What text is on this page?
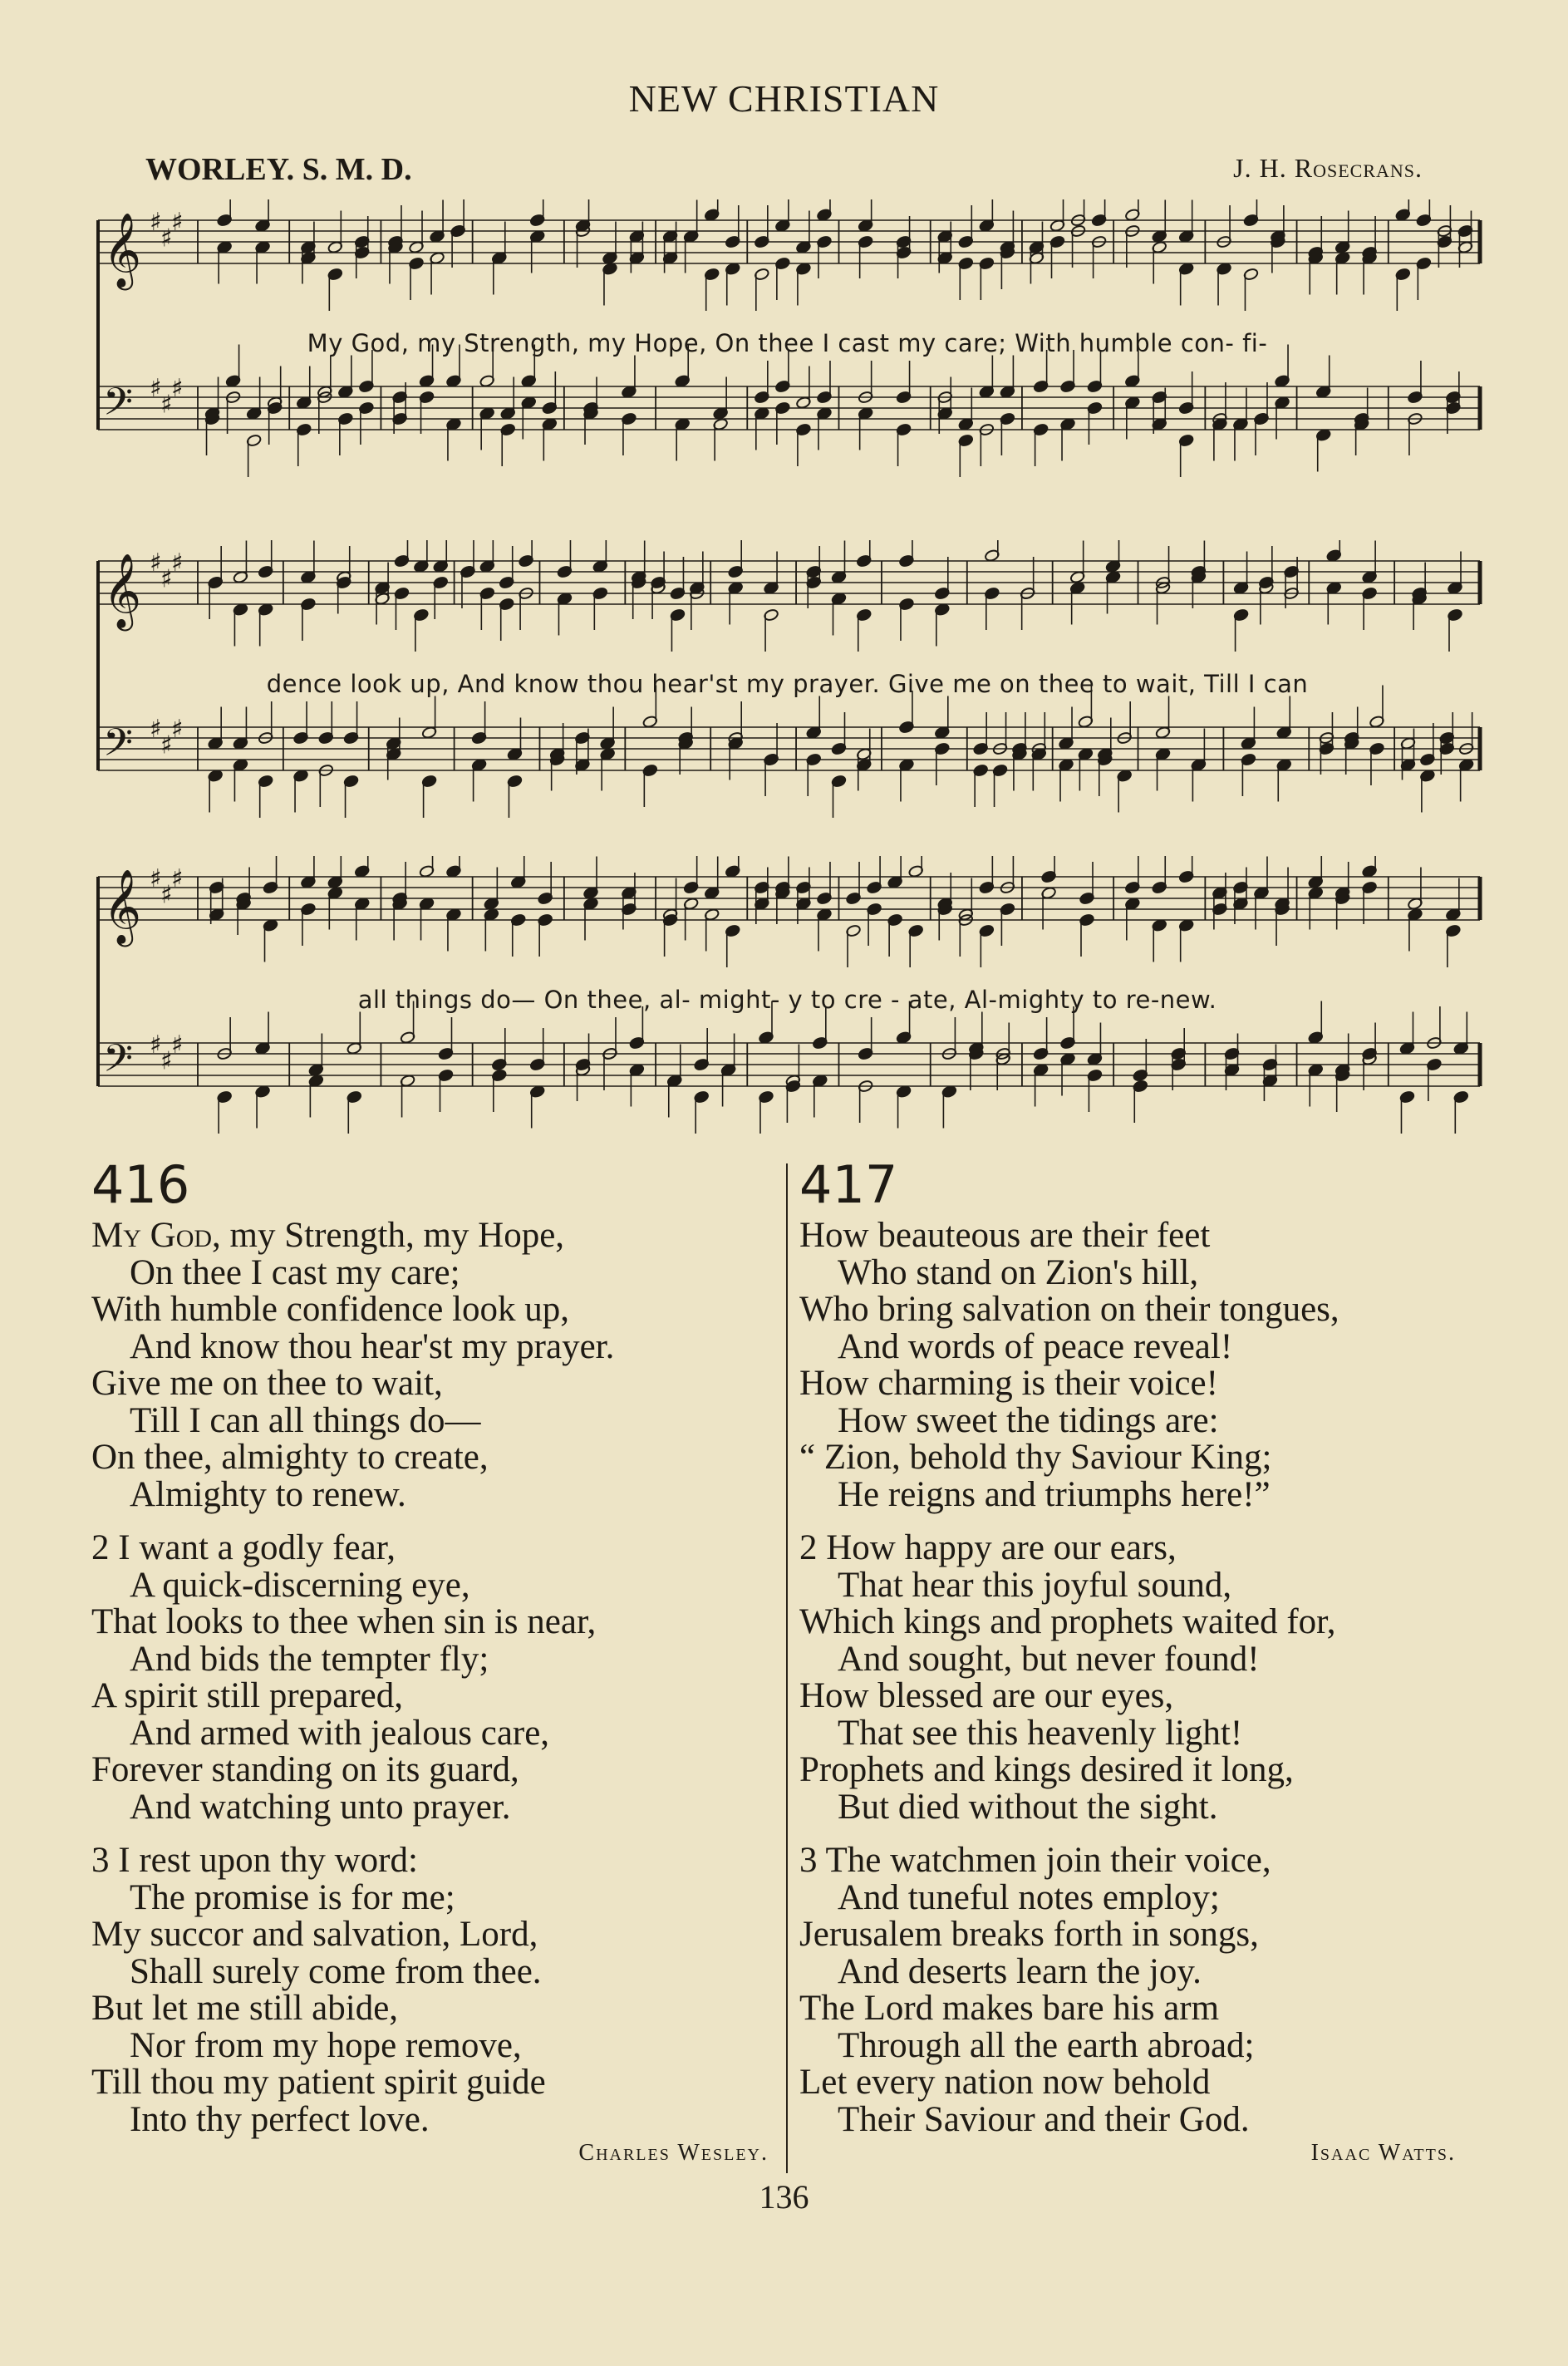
NEW CHRISTIAN
WORLEY. S. M. D.	J. H. Rosecrans.
𝄞 ♯
♯
♯
𝄢 ♯
♯
♯
My God, my Strength, my Hope, On thee I cast my care; With humble con- fi-
𝄞 ♯
♯
♯
𝄢 ♯
♯
♯
dence look up, And know thou hear'st my prayer. Give me on thee to wait, Till I can
𝄞 ♯
♯
♯
𝄢 ♯
♯
♯
all things do— On thee, al- might- y to cre - ate, Al-mighty to re-new.
416
My God, my Strength, my Hope,
On thee I cast my care;
With humble confidence look up,
And know thou hear'st my prayer.
Give me on thee to wait,
Till I can all things do—
On thee, almighty to create,
Almighty to renew.
2 I want a godly fear,
A quick-discerning eye,
That looks to thee when sin is near,
And bids the tempter fly;
A spirit still prepared,
And armed with jealous care,
Forever standing on its guard,
And watching unto prayer.
3 I rest upon thy word:
The promise is for me;
My succor and salvation, Lord,
Shall surely come from thee.
But let me still abide,
Nor from my hope remove,
Till thou my patient spirit guide
Into thy perfect love.
Charles Wesley.
417
How beauteous are their feet
Who stand on Zion's hill,
Who bring salvation on their tongues,
And words of peace reveal!
How charming is their voice!
How sweet the tidings are:
“ Zion, behold thy Saviour King;
He reigns and triumphs here!”
2 How happy are our ears,
That hear this joyful sound,
Which kings and prophets waited for,
And sought, but never found!
How blessed are our eyes,
That see this heavenly light!
Prophets and kings desired it long,
But died without the sight.
3 The watchmen join their voice,
And tuneful notes employ;
Jerusalem breaks forth in songs,
And deserts learn the joy.
The Lord makes bare his arm
Through all the earth abroad;
Let every nation now behold
Their Saviour and their God.
Isaac Watts.
136
